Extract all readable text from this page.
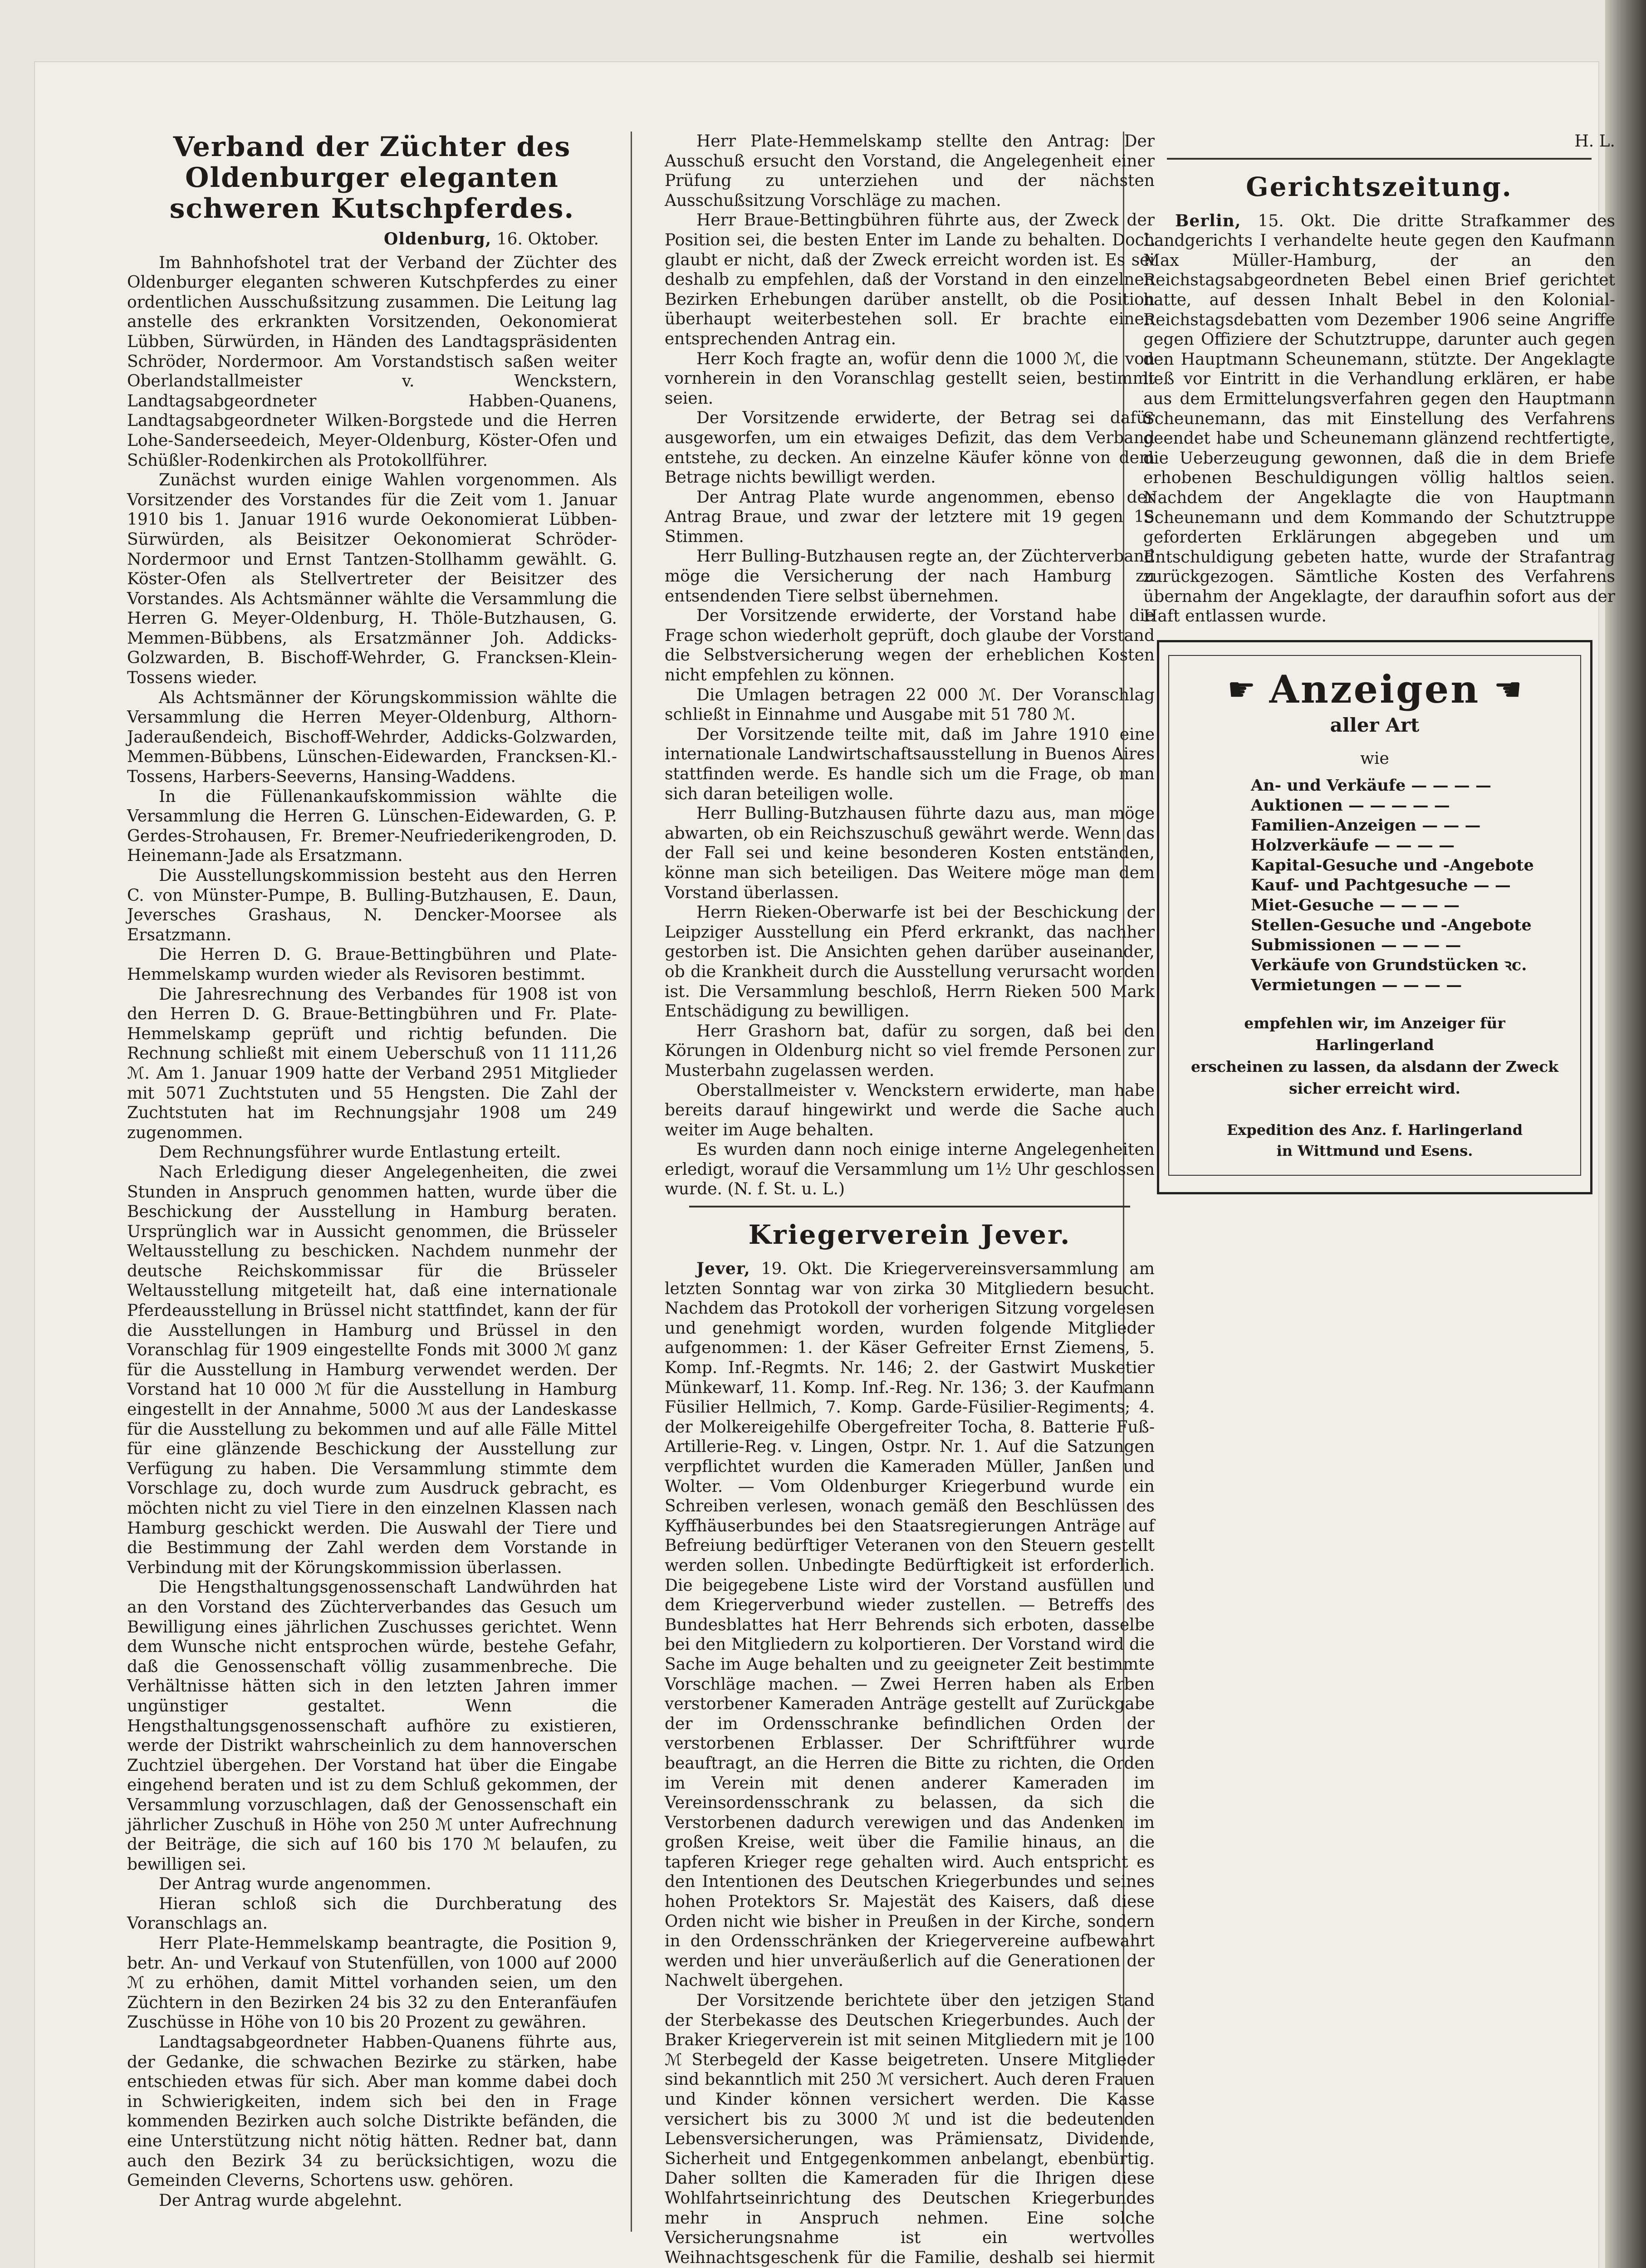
Verband der Züchter des Oldenburger eleganten schweren Kutschpferdes.
Oldenburg, 16. Oktober.

Im Bahnhofshotel trat der Verband der Züchter des Oldenburger eleganten schweren Kutschpferdes zu einer ordentlichen Ausschußsitzung zusammen. Die Leitung lag anstelle des erkrankten Vorsitzenden, Oekonomierat Lübben, Sürwürden, in Händen des Landtagspräsidenten Schröder, Nordermoor. Am Vorstandstisch saßen weiter Oberlandstallmeister v. Wenckstern, Landtagsabgeordneter Habben-Quanens, Landtagsabgeordneter Wilken-Borgstede und die Herren Lohe-Sanderseedeich, Meyer-Oldenburg, Köster-Ofen und Schüßler-Rodenkirchen als Protokollführer.

Zunächst wurden einige Wahlen vorgenommen. Als Vorsitzender des Vorstandes für die Zeit vom 1. Januar 1910 bis 1. Januar 1916 wurde Oekonomierat Lübben-Sürwürden, als Beisitzer Oekonomierat Schröder-Nordermoor und Ernst Tantzen-Stollhamm gewählt. G. Köster-Ofen als Stellvertreter der Beisitzer des Vorstandes. Als Achtsmänner wählte die Versammlung die Herren G. Meyer-Oldenburg, H. Thöle-Butzhausen, G. Memmen-Bübbens, als Ersatzmänner Joh. Addicks-Golzwarden, B. Bischoff-Wehrder, G. Francksen-Klein-Tossens wieder.

Als Achtsmänner der Körungskommission wählte die Versammlung die Herren Meyer-Oldenburg, Althorn-Jaderaußendeich, Bischoff-Wehrder, Addicks-Golzwarden, Memmen-Bübbens, Lünschen-Eidewarden, Francksen-Kl.-Tossens, Harbers-Seeverns, Hansing-Waddens.

In die Füllenankaufskommission wählte die Versammlung die Herren G. Lünschen-Eidewarden, G. P. Gerdes-Strohausen, Fr. Bremer-Neufriederikengroden, D. Heinemann-Jade als Ersatzmann.

Die Ausstellungskommission besteht aus den Herren C. von Münster-Pumpe, B. Bulling-Butzhausen, E. Daun, Jeversches Grashaus, N. Dencker-Moorsee als Ersatzmann.

Die Herren D. G. Braue-Bettingbühren und Plate-Hemmelskamp wurden wieder als Revisoren bestimmt.

Die Jahresrechnung des Verbandes für 1908 ist von den Herren D. G. Braue-Bettingbühren und Fr. Plate-Hemmelskamp geprüft und richtig befunden. Die Rechnung schließt mit einem Ueberschuß von 11 111,26 ℳ. Am 1. Januar 1909 hatte der Verband 2951 Mitglieder mit 5071 Zuchtstuten und 55 Hengsten. Die Zahl der Zuchtstuten hat im Rechnungsjahr 1908 um 249 zugenommen.

Dem Rechnungsführer wurde Entlastung erteilt.

Nach Erledigung dieser Angelegenheiten, die zwei Stunden in Anspruch genommen hatten, wurde über die Beschickung der Ausstellung in Hamburg beraten. Ursprünglich war in Aussicht genommen, die Brüsseler Weltausstellung zu beschicken. Nachdem nunmehr der deutsche Reichskommissar für die Brüsseler Weltausstellung mitgeteilt hat, daß eine internationale Pferdeausstellung in Brüssel nicht stattfindet, kann der für die Ausstellungen in Hamburg und Brüssel in den Voranschlag für 1909 eingestellte Fonds mit 3000 ℳ ganz für die Ausstellung in Hamburg verwendet werden. Der Vorstand hat 10 000 ℳ für die Ausstellung in Hamburg eingestellt in der Annahme, 5000 ℳ aus der Landeskasse für die Ausstellung zu bekommen und auf alle Fälle Mittel für eine glänzende Beschickung der Ausstellung zur Verfügung zu haben. Die Versammlung stimmte dem Vorschlage zu, doch wurde zum Ausdruck gebracht, es möchten nicht zu viel Tiere in den einzelnen Klassen nach Hamburg geschickt werden. Die Auswahl der Tiere und die Bestimmung der Zahl werden dem Vorstande in Verbindung mit der Körungskommission überlassen.

Die Hengsthaltungsgenossenschaft Landwührden hat an den Vorstand des Züchterverbandes das Gesuch um Bewilligung eines jährlichen Zuschusses gerichtet. Wenn dem Wunsche nicht entsprochen würde, bestehe Gefahr, daß die Genossenschaft völlig zusammenbreche. Die Verhältnisse hätten sich in den letzten Jahren immer ungünstiger gestaltet. Wenn die Hengsthaltungsgenossenschaft aufhöre zu existieren, werde der Distrikt wahrscheinlich zu dem hannoverschen Zuchtziel übergehen. Der Vorstand hat über die Eingabe eingehend beraten und ist zu dem Schluß gekommen, der Versammlung vorzuschlagen, daß der Genossenschaft ein jährlicher Zuschuß in Höhe von 250 ℳ unter Aufrechnung der Beiträge, die sich auf 160 bis 170 ℳ belaufen, zu bewilligen sei.

Der Antrag wurde angenommen.

Hieran schloß sich die Durchberatung des Voranschlags an.

Herr Plate-Hemmelskamp beantragte, die Position 9, betr. An- und Verkauf von Stutenfüllen, von 1000 auf 2000 ℳ zu erhöhen, damit Mittel vorhanden seien, um den Züchtern in den Bezirken 24 bis 32 zu den Enteranfäufen Zuschüsse in Höhe von 10 bis 20 Prozent zu gewähren.

Landtagsabgeordneter Habben-Quanens führte aus, der Gedanke, die schwachen Bezirke zu stärken, habe entschieden etwas für sich. Aber man komme dabei doch in Schwierigkeiten, indem sich bei den in Frage kommenden Bezirken auch solche Distrikte befänden, die eine Unterstützung nicht nötig hätten. Redner bat, dann auch den Bezirk 34 zu berücksichtigen, wozu die Gemeinden Cleverns, Schortens usw. gehören.

Der Antrag wurde abgelehnt.

Herr Plate-Hemmelskamp stellte den Antrag: Der Ausschuß ersucht den Vorstand, die Angelegenheit einer Prüfung zu unterziehen und der nächsten Ausschußsitzung Vorschläge zu machen.

Herr Braue-Bettingbühren führte aus, der Zweck der Position sei, die besten Enter im Lande zu behalten. Doch glaubt er nicht, daß der Zweck erreicht worden ist. Es sei deshalb zu empfehlen, daß der Vorstand in den einzelnen Bezirken Erhebungen darüber anstellt, ob die Position überhaupt weiterbestehen soll. Er brachte einen entsprechenden Antrag ein.

Herr Koch fragte an, wofür denn die 1000 ℳ, die von vornherein in den Voranschlag gestellt seien, bestimmt seien.

Der Vorsitzende erwiderte, der Betrag sei dafür ausgeworfen, um ein etwaiges Defizit, das dem Verband entstehe, zu decken. An einzelne Käufer könne von dem Betrage nichts bewilligt werden.

Der Antrag Plate wurde angenommen, ebenso der Antrag Braue, und zwar der letztere mit 19 gegen 15 Stimmen.

Herr Bulling-Butzhausen regte an, der Züchterverband möge die Versicherung der nach Hamburg zu entsendenden Tiere selbst übernehmen.

Der Vorsitzende erwiderte, der Vorstand habe die Frage schon wiederholt geprüft, doch glaube der Vorstand die Selbstversicherung wegen der erheblichen Kosten nicht empfehlen zu können.

Die Umlagen betragen 22 000 ℳ. Der Voranschlag schließt in Einnahme und Ausgabe mit 51 780 ℳ.

Der Vorsitzende teilte mit, daß im Jahre 1910 eine internationale Landwirtschaftsausstellung in Buenos Aires stattfinden werde. Es handle sich um die Frage, ob man sich daran beteiligen wolle.

Herr Bulling-Butzhausen führte dazu aus, man möge abwarten, ob ein Reichszuschuß gewährt werde. Wenn das der Fall sei und keine besonderen Kosten entständen, könne man sich beteiligen. Das Weitere möge man dem Vorstand überlassen.

Herrn Rieken-Oberwarfe ist bei der Beschickung der Leipziger Ausstellung ein Pferd erkrankt, das nachher gestorben ist. Die Ansichten gehen darüber auseinander, ob die Krankheit durch die Ausstellung verursacht worden ist. Die Versammlung beschloß, Herrn Rieken 500 Mark Entschädigung zu bewilligen.

Herr Grashorn bat, dafür zu sorgen, daß bei den Körungen in Oldenburg nicht so viel fremde Personen zur Musterbahn zugelassen werden.

Oberstallmeister v. Wenckstern erwiderte, man habe bereits darauf hingewirkt und werde die Sache auch weiter im Auge behalten.

Es wurden dann noch einige interne Angelegenheiten erledigt, worauf die Versammlung um 1½ Uhr geschlossen wurde. (N. f. St. u. L.)

Kriegerverein Jever.

Jever, 19. Okt. Die Kriegervereinsversammlung am letzten Sonntag war von zirka 30 Mitgliedern besucht. Nachdem das Protokoll der vorherigen Sitzung vorgelesen und genehmigt worden, wurden folgende Mitglieder aufgenommen: 1. der Käser Gefreiter Ernst Ziemens, 5. Komp. Inf.-Regmts. Nr. 146; 2. der Gastwirt Musketier Münkewarf, 11. Komp. Inf.-Reg. Nr. 136; 3. der Kaufmann Füsilier Hellmich, 7. Komp. Garde-Füsilier-Regiments; 4. der Molkereigehilfe Obergefreiter Tocha, 8. Batterie Fuß-Artillerie-Reg. v. Lingen, Ostpr. Nr. 1. Auf die Satzungen verpflichtet wurden die Kameraden Müller, Janßen und Wolter. — Vom Oldenburger Kriegerbund wurde ein Schreiben verlesen, wonach gemäß den Beschlüssen des Kyffhäuserbundes bei den Staatsregierungen Anträge auf Befreiung bedürftiger Veteranen von den Steuern gestellt werden sollen. Unbedingte Bedürftigkeit ist erforderlich. Die beigegebene Liste wird der Vorstand ausfüllen und dem Kriegerverbund wieder zustellen. — Betreffs des Bundesblattes hat Herr Behrends sich erboten, dasselbe bei den Mitgliedern zu kolportieren. Der Vorstand wird die Sache im Auge behalten und zu geeigneter Zeit bestimmte Vorschläge machen. — Zwei Herren haben als Erben verstorbener Kameraden Anträge gestellt auf Zurückgabe der im Ordensschranke befindlichen Orden der verstorbenen Erblasser. Der Schriftführer wurde beauftragt, an die Herren die Bitte zu richten, die Orden im Verein mit denen anderer Kameraden im Vereinsordensschrank zu belassen, da sich die Verstorbenen dadurch verewigen und das Andenken im großen Kreise, weit über die Familie hinaus, an die tapferen Krieger rege gehalten wird. Auch entspricht es den Intentionen des Deutschen Kriegerbundes und seines hohen Protektors Sr. Majestät des Kaisers, daß diese Orden nicht wie bisher in Preußen in der Kirche, sondern in den Ordensschränken der Kriegervereine aufbewahrt werden und hier unveräußerlich auf die Generationen der Nachwelt übergehen.

Der Vorsitzende berichtete über den jetzigen Stand der Sterbekasse des Deutschen Kriegerbundes. Auch der Braker Kriegerverein ist mit seinen Mitgliedern mit je 100 ℳ Sterbegeld der Kasse beigetreten. Unsere Mitglieder sind bekanntlich mit 250 ℳ versichert. Auch deren Frauen und Kinder können versichert werden. Die Kasse versichert bis zu 3000 ℳ und ist die bedeutenden Lebensversicherungen, was Prämiensatz, Dividende, Sicherheit und Entgegenkommen anbelangt, ebenbürtig. Daher sollten die Kameraden für die Ihrigen diese Wohlfahrtseinrichtung des Deutschen Kriegerbundes mehr in Anspruch nehmen. Eine solche Versicherungsnahme ist ein wertvolles Weihnachtsgeschenk für die Familie, deshalb sei hiermit

H. L.

Gerichtszeitung.

Berlin, 15. Okt. Die dritte Strafkammer des Landgerichts I verhandelte heute gegen den Kaufmann Max Müller-Hamburg, der an den Reichstagsabgeordneten Bebel einen Brief gerichtet hatte, auf dessen Inhalt Bebel in den Kolonial-Reichstagsdebatten vom Dezember 1906 seine Angriffe gegen Offiziere der Schutztruppe, darunter auch gegen den Hauptmann Scheunemann, stützte. Der Angeklagte ließ vor Eintritt in die Verhandlung erklären, er habe aus dem Ermittelungsverfahren gegen den Hauptmann Scheunemann, das mit Einstellung des Verfahrens geendet habe und Scheunemann glänzend rechtfertigte, die Ueberzeugung gewonnen, daß die in dem Briefe erhobenen Beschuldigungen völlig haltlos seien. Nachdem der Angeklagte die von Hauptmann Scheunemann und dem Kommando der Schutztruppe geforderten Erklärungen abgegeben und um Entschuldigung gebeten hatte, wurde der Strafantrag zurückgezogen. Sämtliche Kosten des Verfahrens übernahm der Angeklagte, der daraufhin sofort aus der Haft entlassen wurde.

☛ Anzeigen ☚
aller Art
wie
An- und Verkäufe — — — —
Auktionen — — — — —
Familien-Anzeigen — — —
Holzverkäufe — — — —
Kapital-Gesuche und -Angebote
Kauf- und Pachtgesuche — —
Miet-Gesuche — — — —
Stellen-Gesuche und -Angebote
Submissionen — — — —
Verkäufe von Grundstücken ꝛc.
Vermietungen — — — —
empfehlen wir, im Anzeiger für Harlingerland
erscheinen zu lassen, da alsdann der Zweck
sicher erreicht wird.
Expedition des Anz. f. Harlingerland
in Wittmund und Esens.
